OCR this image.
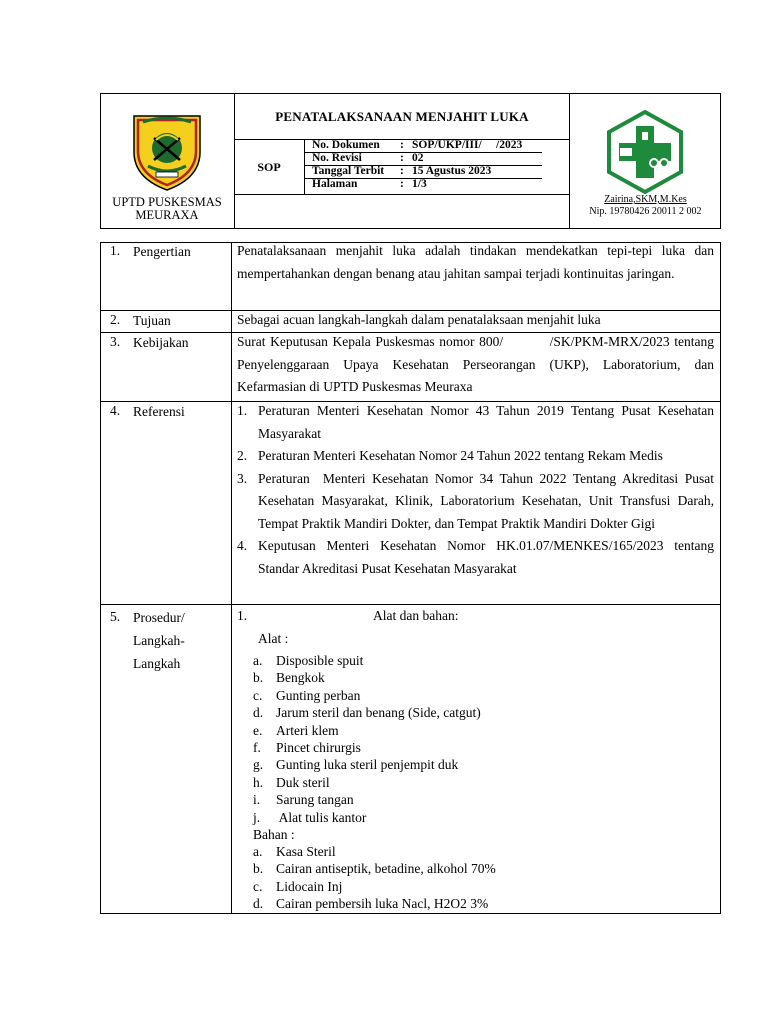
PENATALAKSANAAN MENJAHIT LUKA
SOP
No. Dokumen : SOP/UKP/III/     /2023
No. Revisi	: 02
Tanggal Terbit : 15 Agustus 2023
Halaman	: 1/3
UPTD PUSKESMAS MEURAXA
Zairina,SKM,M.Kes
Nip. 19780426 20011 2 002
1. Pengertian	Penatalaksanaan menjahit luka adalah tindakan mendekatkan tepi-tepi luka dan mempertahankan dengan benang atau jahitan sampai terjadi kontinuitas jaringan.
2. Tujuan	Sebagai acuan langkah-langkah dalam penatalaksaan menjahit luka
3. Kebijakan	Surat Keputusan Kepala Puskesmas nomor 800/          /SK/PKM-MRX/2023 tentang Penyelenggaraan Upaya Kesehatan Perseorangan (UKP), Laboratorium, dan Kefarmasian di UPTD Puskesmas Meuraxa
4. Referensi	1. Peraturan Menteri Kesehatan Nomor 43 Tahun 2019 Tentang Pusat Kesehatan Masyarakat
2. Peraturan Menteri Kesehatan Nomor 24 Tahun 2022 tentang Rekam Medis
3. Peraturan  Menteri Kesehatan Nomor 34 Tahun 2022 Tentang Akreditasi Pusat Kesehatan Masyarakat, Klinik, Laboratorium Kesehatan, Unit Transfusi Darah, Tempat Praktik Mandiri Dokter, dan Tempat Praktik Mandiri Dokter Gigi
4. Keputusan Menteri Kesehatan Nomor HK.01.07/MENKES/165/2023 tentang Standar Akreditasi Pusat Kesehatan Masyarakat
5. Prosedur/
Langkah-
Langkah
1.	Alat dan bahan:
Alat :
a. Disposible spuit
b. Bengkok
c. Gunting perban
d. Jarum steril dan benang (Side, catgut)
e. Arteri klem
f. Pincet chirurgis
g. Gunting luka steril penjempit duk
h. Duk steril
i. Sarung tangan
j. Alat tulis kantor
Bahan :
a. Kasa Steril
b. Cairan antiseptik, betadine, alkohol 70%
c. Lidocain Inj
d. Cairan pembersih luka Nacl, H2O2 3%
